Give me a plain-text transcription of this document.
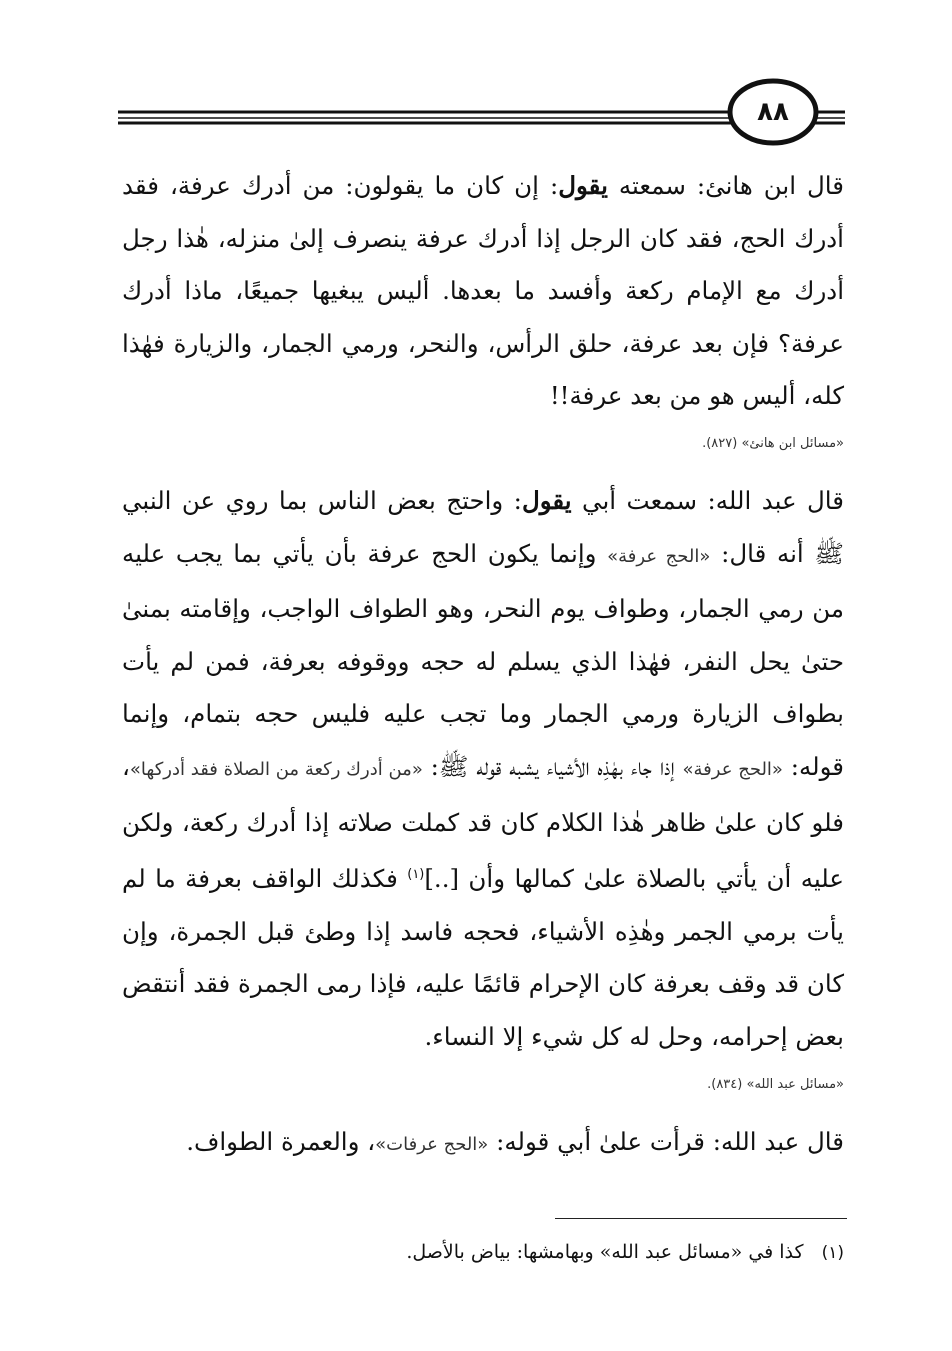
٨٨

قال ابن هانئ: سمعته يقول: إن كان ما يقولون: من أدرك عرفة، فقد أدرك الحج، فقد كان الرجل إذا أدرك عرفة ينصرف إلىٰ منزله، هٰذا رجل أدرك مع الإمام ركعة وأفسد ما بعدها. أليس يبغيها جميعًا، ماذا أدرك عرفة؟ فإن بعد عرفة، حلق الرأس، والنحر، ورمي الجمار، والزيارة فهٰذا كله، أليس هو من بعد عرفة!!

«مسائل ابن هانئ» (٨٢٧).

قال عبد الله: سمعت أبي يقول: واحتج بعض الناس بما روي عن النبي ﷺ أنه قال: «الحج عرفة» وإنما يكون الحج عرفة بأن يأتي بما يجب عليه من رمي الجمار، وطواف يوم النحر، وهو الطواف الواجب، وإقامته بمنىٰ حتىٰ يحل النفر، فهٰذا الذي يسلم له حجه ووقوفه بعرفة، فمن لم يأت بطواف الزيارة ورمي الجمار وما تجب عليه فليس حجه بتمام، وإنما قوله: «الحج عرفة» إذا جاء بهٰذِه الأشياء يشبه قوله ﷺ: «من أدرك ركعة من الصلاة فقد أدركها»، فلو كان علىٰ ظاهر هٰذا الكلام كان قد كملت صلاته إذا أدرك ركعة، ولكن عليه أن يأتي بالصلاة علىٰ كمالها وأن [..]$^{(١)}$ فكذلك الواقف بعرفة ما لم يأت برمي الجمر وهٰذِه الأشياء، فحجه فاسد إذا وطئ قبل الجمرة، وإن كان قد وقف بعرفة كان الإحرام قائمًا عليه، فإذا رمى الجمرة فقد أنتقض بعض إحرامه، وحل له كل شيء إلا النساء.

«مسائل عبد الله» (٨٣٤).

قال عبد الله: قرأت علىٰ أبي قوله: «الحج عرفات»، والعمرة الطواف.

(١)كذا في «مسائل عبد الله» وبهامشها: بياض بالأصل.
